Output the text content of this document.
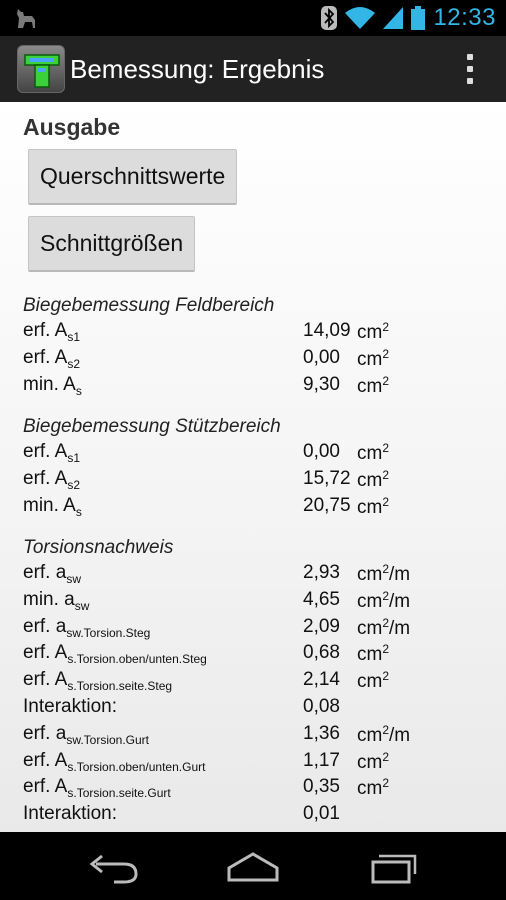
12:33
Bemessung: Ergebnis
Ausgabe
Querschnittswerte
Schnittgrößen
Biegebemessung Feldbereich
erf. $A_{s1}$	14,09 $cm^2$
erf. $A_{s2}$	0,00 $cm^2$
min. $A_s$	9,30 $cm^2$
Biegebemessung Stützbereich
erf. $A_{s1}$	0,00 $cm^2$
erf. $A_{s2}$	15,72 $cm^2$
min. $A_s$	20,75 $cm^2$
Torsionsnachweis
erf. $a_{sw}$	2,93 $cm^2/m$
min. $a_{sw}$	4,65 $cm^2/m$
erf. $a_{sw.Torsion.Steg}$	2,09 $cm^2/m$
erf. $A_{s.Torsion.oben/unten.Steg}$	0,68 $cm^2$
erf. $A_{s.Torsion.seite.Steg}$	2,14 $cm^2$
Interaktion:	0,08
erf. $a_{sw.Torsion.Gurt}$	1,36 $cm^2/m$
erf. $A_{s.Torsion.oben/unten.Gurt}$	1,17 $cm^2$
erf. $A_{s.Torsion.seite.Gurt}$	0,35 $cm^2$
Interaktion:	0,01
